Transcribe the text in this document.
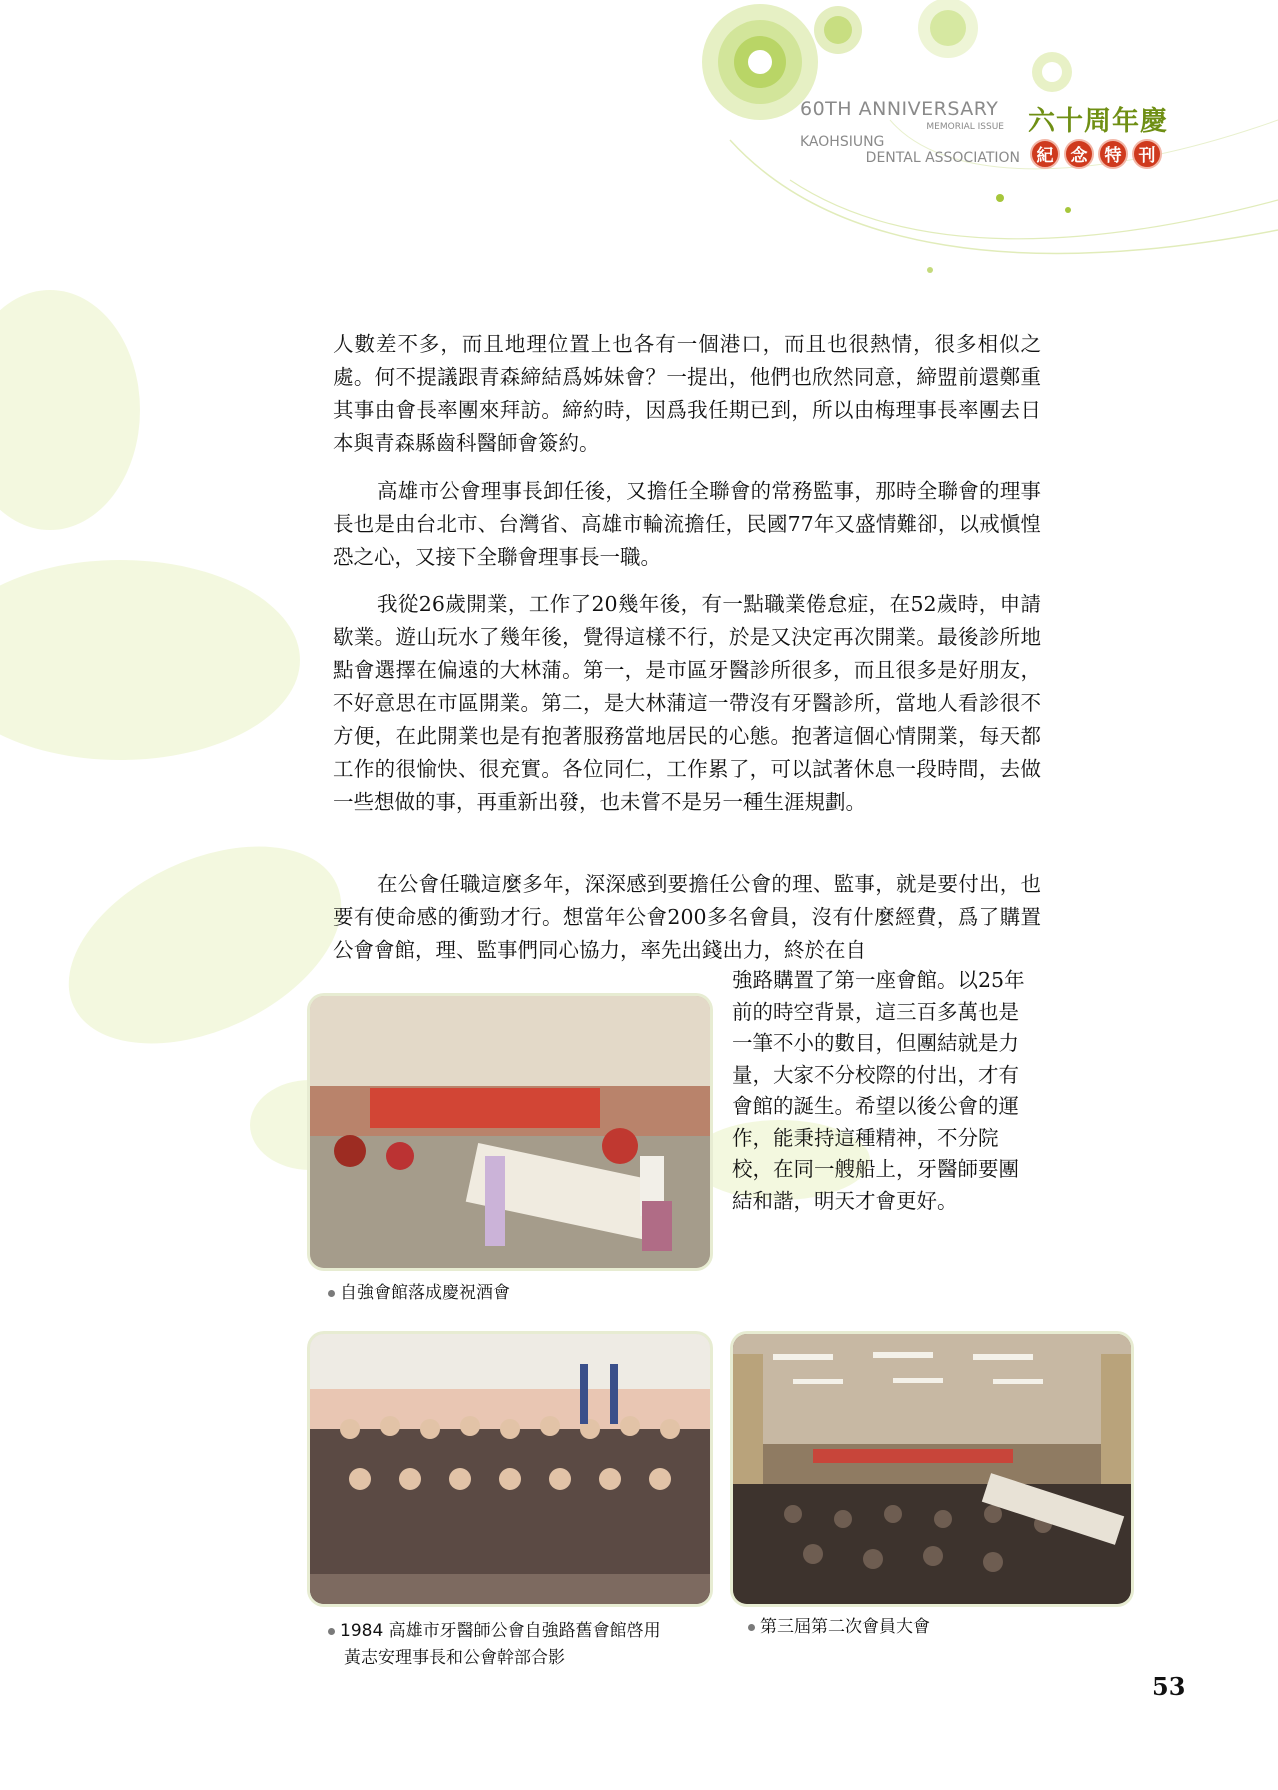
60TH ANNIVERSARY
MEMORIAL ISSUE
KAOHSIUNG
DENTAL ASSOCIATION
六十周年慶
紀	念	特	刊

人數差不多，而且地理位置上也各有一個港口，而且也很熱情，很多相似之處。何不提議跟青森締結爲姊妹會？一提出，他們也欣然同意，締盟前還鄭重其事由會長率團來拜訪。締約時，因爲我任期已到，所以由梅理事長率團去日本與青森縣齒科醫師會簽約。

高雄市公會理事長卸任後，又擔任全聯會的常務監事，那時全聯會的理事長也是由台北市、台灣省、高雄市輪流擔任，民國77年又盛情難卻，以戒愼惶恐之心，又接下全聯會理事長一職。

我從26歲開業，工作了20幾年後，有一點職業倦怠症，在52歲時，申請歇業。遊山玩水了幾年後，覺得這樣不行，於是又決定再次開業。最後診所地點會選擇在偏遠的大林蒲。第一，是市區牙醫診所很多，而且很多是好朋友，不好意思在市區開業。第二，是大林蒲這一帶沒有牙醫診所，當地人看診很不方便，在此開業也是有抱著服務當地居民的心態。抱著這個心情開業，每天都工作的很愉快、很充實。各位同仁，工作累了，可以試著休息一段時間，去做一些想做的事，再重新出發，也未嘗不是另一種生涯規劃。

在公會任職這麼多年，深深感到要擔任公會的理、監事，就是要付出，也要有使命感的衝勁才行。想當年公會200多名會員，沒有什麼經費，爲了購置公會會館，理、監事們同心協力，率先出錢出力，終於在自

強路購置了第一座會館。以25年
前的時空背景，這三百多萬也是
一筆不小的數目，但團結就是力
量，大家不分校際的付出，才有
會館的誕生。希望以後公會的運
作，能秉持這種精神，不分院
校，在同一艘船上，牙醫師要團
結和諧，明天才會更好。
自強會館落成慶祝酒會
1984 高雄市牙醫師公會自強路舊會館啓用
黃志安理事長和公會幹部合影
第三屆第二次會員大會
53
